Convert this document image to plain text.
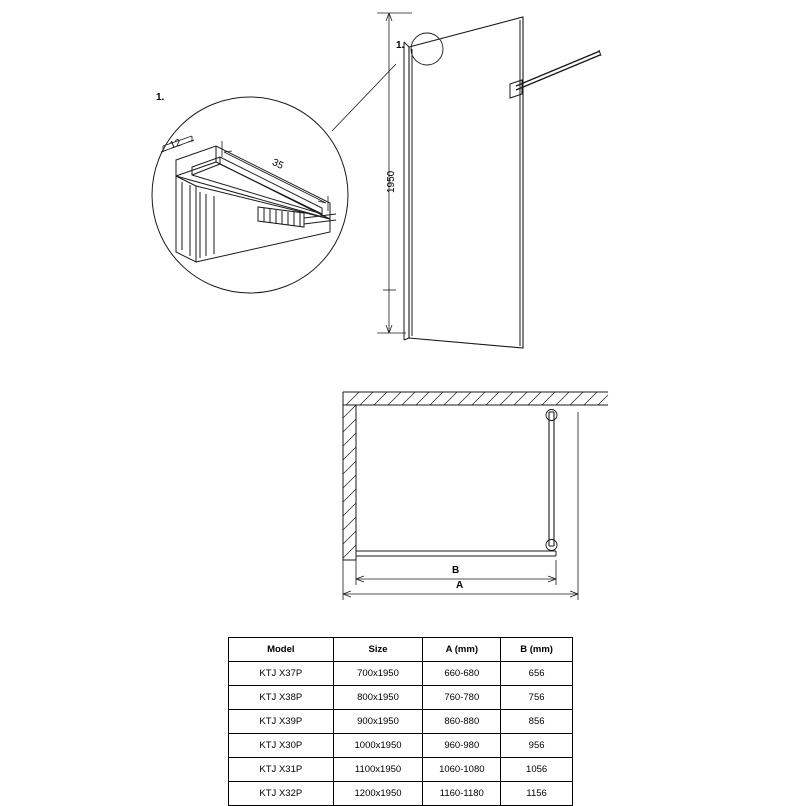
1.
1.
12
35
1950
B
A
Model	Size	A (mm)	B (mm)
KTJ X37P	700x1950	660-680	656
KTJ X38P	800x1950	760-780	756
KTJ X39P	900x1950	860-880	856
KTJ X30P	1000x1950	960-980	956
KTJ X31P	1100x1950	1060-1080	1056
KTJ X32P	1200x1950	1160-1180	1156
